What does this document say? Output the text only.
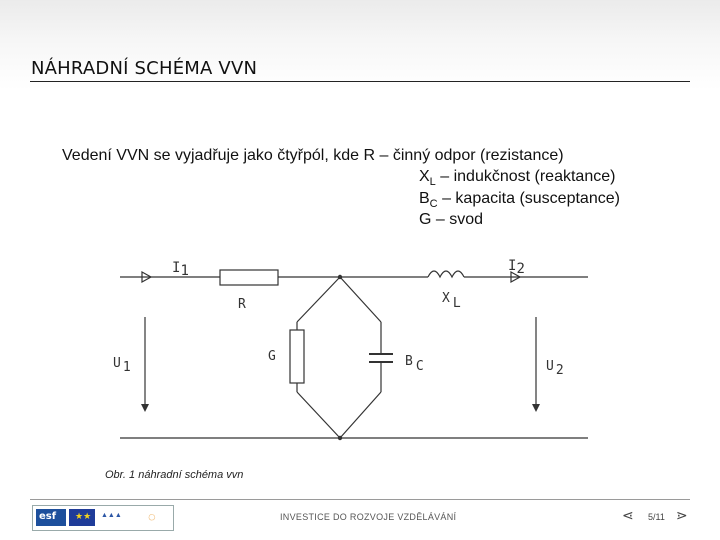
NÁHRADNÍ SCHÉMA VVN
Vedení VVN se vyjadřuje jako čtyřpól, kde R – činný odpor (rezistance)
$X_L$ – indukčnost (reaktance)
$B_C$ – kapacita (susceptance)
G – svod
I1	I2
R	X L
G	B C
U 1	U 2
Obr. 1 náhradní schéma vvn
esf ★★ ▲▲▲ ◌	INVESTICE DO ROZVOJE VZDĚLÁVÁNÍ	⋖ 5/11 ⋗
